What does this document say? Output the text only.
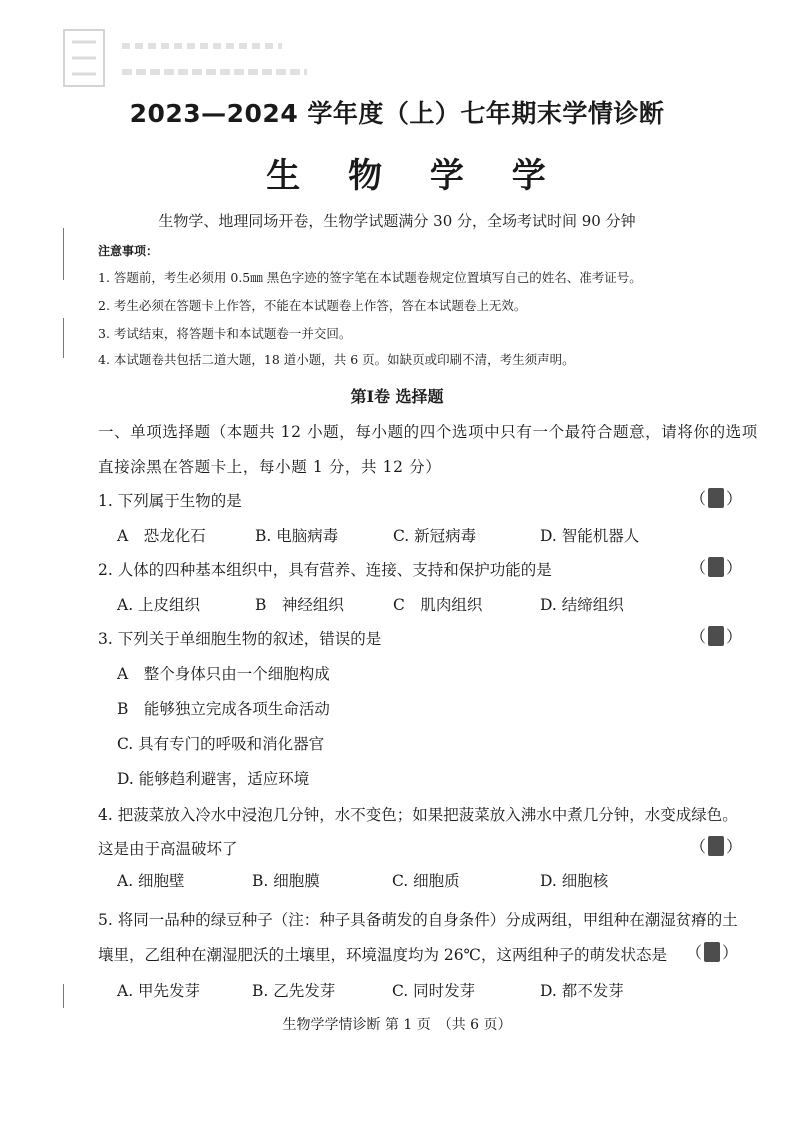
2023—2024 学年度（上）七年期末学情诊断
生 物 学 学
生物学、地理同场开卷，生物学试题满分 30 分，全场考试时间 90 分钟
注意事项：
1. 答题前，考生必须用 0.5㎜ 黑色字迹的签字笔在本试题卷规定位置填写自己的姓名、准考证号。
2. 考生必须在答题卡上作答，不能在本试题卷上作答，答在本试题卷上无效。
3. 考试结束，将答题卡和本试题卷一并交回。
4. 本试题卷共包括二道大题，18 道小题，共 6 页。如缺页或印刷不清，考生须声明。
第Ⅰ卷 选择题
一、单项选择题（本题共 12 小题，每小题的四个选项中只有一个最符合题意，请将你的选项
直接涂黑在答题卡上，每小题 1 分，共 12 分）
1. 下列属于生物的是	（ ）
A　恐龙化石	B. 电脑病毒	C. 新冠病毒	D. 智能机器人
2. 人体的四种基本组织中，具有营养、连接、支持和保护功能的是	（ ）
A. 上皮组织	B　神经组织	C　肌肉组织	D. 结缔组织
3. 下列关于单细胞生物的叙述，错误的是	（ ）
A　整个身体只由一个细胞构成
B　能够独立完成各项生命活动
C. 具有专门的呼吸和消化器官
D. 能够趋利避害，适应环境
4. 把菠菜放入冷水中浸泡几分钟，水不变色；如果把菠菜放入沸水中煮几分钟，水变成绿色。
这是由于高温破坏了	（ ）
A. 细胞壁	B. 细胞膜	C. 细胞质	D. 细胞核
5. 将同一品种的绿豆种子（注：种子具备萌发的自身条件）分成两组，甲组种在潮湿贫瘠的土
壤里，乙组种在潮湿肥沃的土壤里，环境温度均为 26℃，这两组种子的萌发状态是 （ ）
A. 甲先发芽	B. 乙先发芽	C. 同时发芽	D. 都不发芽
生物学学情诊断 第 1 页　（共 6 页）
